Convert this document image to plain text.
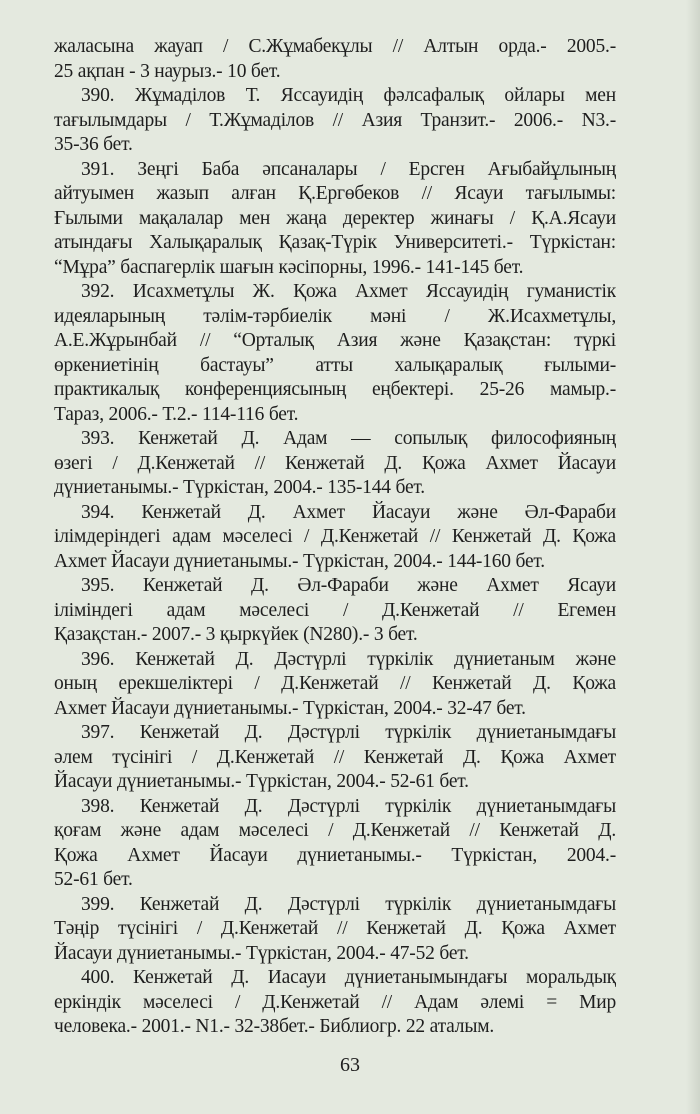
жаласына жауап / С.Жұмабекұлы // Алтын орда.- 2005.-
25 ақпан - 3 наурыз.- 10 бет.
390. Жұмаділов Т. Яссауидің фәлсафалық ойлары мен
тағылымдары / Т.Жұмаділов // Азия Транзит.- 2006.- N3.-
35-36 бет.
391. Зеңгі Баба әпсаналары / Ерсген Ағыбайұлының
айтуымен жазып алған Қ.Ергөбеков // Ясауи тағылымы:
Ғылыми мақалалар мен жаңа деректер жинағы / Қ.А.Ясауи
атындағы Халықаралық Қазақ-Түрік Университеті.- Түркістан:
“Мұра” баспагерлік шағын кәсіпорны, 1996.- 141-145 бет.
392. Исахметұлы Ж. Қожа Ахмет Яссауидің гуманистік
идеяларының тәлім-тәрбиелік мәні / Ж.Исахметұлы,
А.Е.Жұрынбай // “Орталық Азия және Қазақстан: түркі
өркениетінің бастауы” атты халықаралық ғылыми-
практикалық конференциясының еңбектері. 25-26 мамыр.-
Тараз, 2006.- Т.2.- 114-116 бет.
393. Кенжетай Д. Адам — сопылық философияның
өзегі / Д.Кенжетай // Кенжетай Д. Қожа Ахмет Йасауи
дүниетанымы.- Түркістан, 2004.- 135-144 бет.
394. Кенжетай Д. Ахмет Йасауи және Әл-Фараби
ілімдеріндегі адам мәселесі / Д.Кенжетай // Кенжетай Д. Қожа
Ахмет Йасауи дүниетанымы.- Түркістан, 2004.- 144-160 бет.
395. Кенжетай Д. Әл-Фараби және Ахмет Ясауи
іліміндегі адам мәселесі / Д.Кенжетай // Егемен
Қазақстан.- 2007.- 3 қыркүйек (N280).- 3 бет.
396. Кенжетай Д. Дәстүрлі түркілік дүниетаным және
оның ерекшеліктері / Д.Кенжетай // Кенжетай Д. Қожа
Ахмет Йасауи дүниетанымы.- Түркістан, 2004.- 32-47 бет.
397. Кенжетай Д. Дәстүрлі түркілік дүниетанымдағы
әлем түсінігі / Д.Кенжетай // Кенжетай Д. Қожа Ахмет
Йасауи дүниетанымы.- Түркістан, 2004.- 52-61 бет.
398. Кенжетай Д. Дәстүрлі түркілік дүниетанымдағы
қоғам және адам мәселесі / Д.Кенжетай // Кенжетай Д.
Қожа Ахмет Йасауи дүниетанымы.- Түркістан, 2004.-
52-61 бет.
399. Кенжетай Д. Дәстүрлі түркілік дүниетанымдағы
Тәңір түсінігі / Д.Кенжетай // Кенжетай Д. Қожа Ахмет
Йасауи дүниетанымы.- Түркістан, 2004.- 47-52 бет.
400. Кенжетай Д. Иасауи дүниетанымындағы моральдық
еркіндік мәселесі / Д.Кенжетай // Адам әлемі = Мир
человека.- 2001.- N1.- 32-38бет.- Библиогр. 22 аталым.
63
